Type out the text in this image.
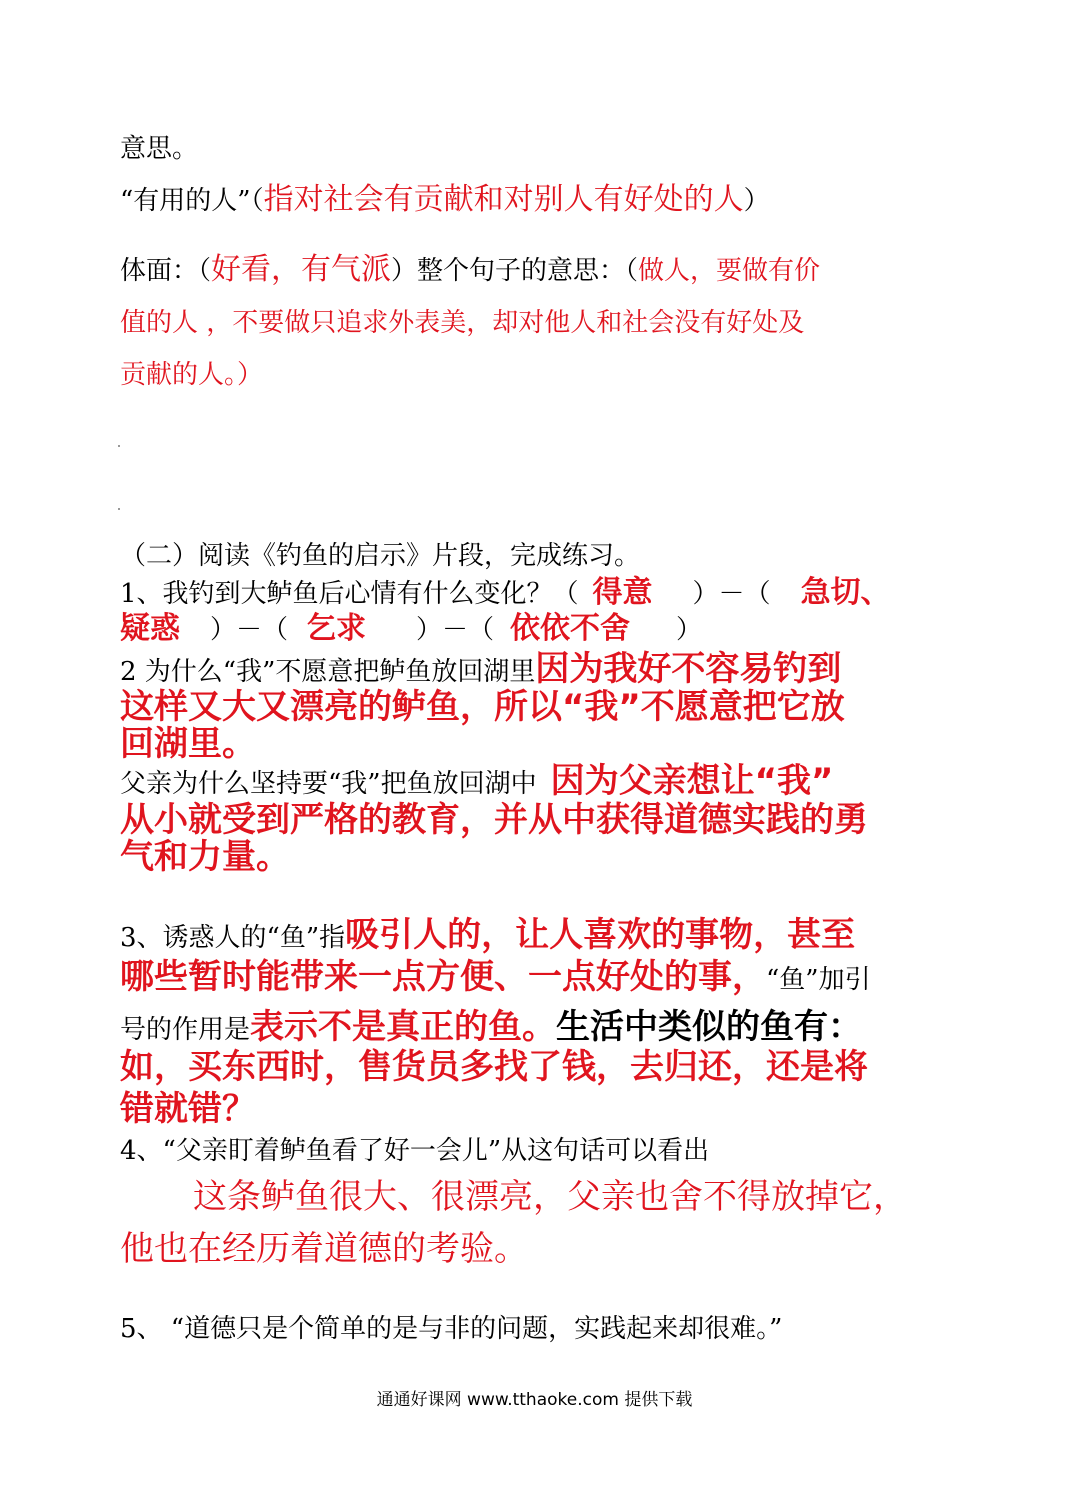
意思。
“有用的人”（指对社会有贡献和对别人有好处的人）
体面：（好看，有气派）整个句子的意思：（做人，要做有价
值的人 ，不要做只追求外表美，却对他人和社会没有好处及
贡献的人。）
（二）阅读《钓鱼的启示》片段，完成练习。
1、我钓到大鲈鱼后心情有什么变化？（ 得意 ）－（ 急切、
疑惑 ）－（ 乞求 ）－（ 依依不舍 ）
2 为什么“我”不愿意把鲈鱼放回湖里因为我好不容易钓到
这样又大又漂亮的鲈鱼，所以“我”不愿意把它放
回湖里。
父亲为什么坚持要“我”把鱼放回湖中 因为父亲想让“我”
从小就受到严格的教育，并从中获得道德实践的勇
气和力量。
3、诱惑人的“鱼”指吸引人的，让人喜欢的事物，甚至
哪些暂时能带来一点方便、一点好处的事，“鱼”加引
号的作用是表示不是真正的鱼。生活中类似的鱼有：
如，买东西时，售货员多找了钱，去归还，还是将
错就错？
4、“父亲盯着鲈鱼看了好一会儿”从这句话可以看出
这条鲈鱼很大、很漂亮，父亲也舍不得放掉它，
他也在经历着道德的考验。
5、 “道德只是个简单的是与非的问题，实践起来却很难。”
通通好课网 www.tthaoke.com 提供下载
